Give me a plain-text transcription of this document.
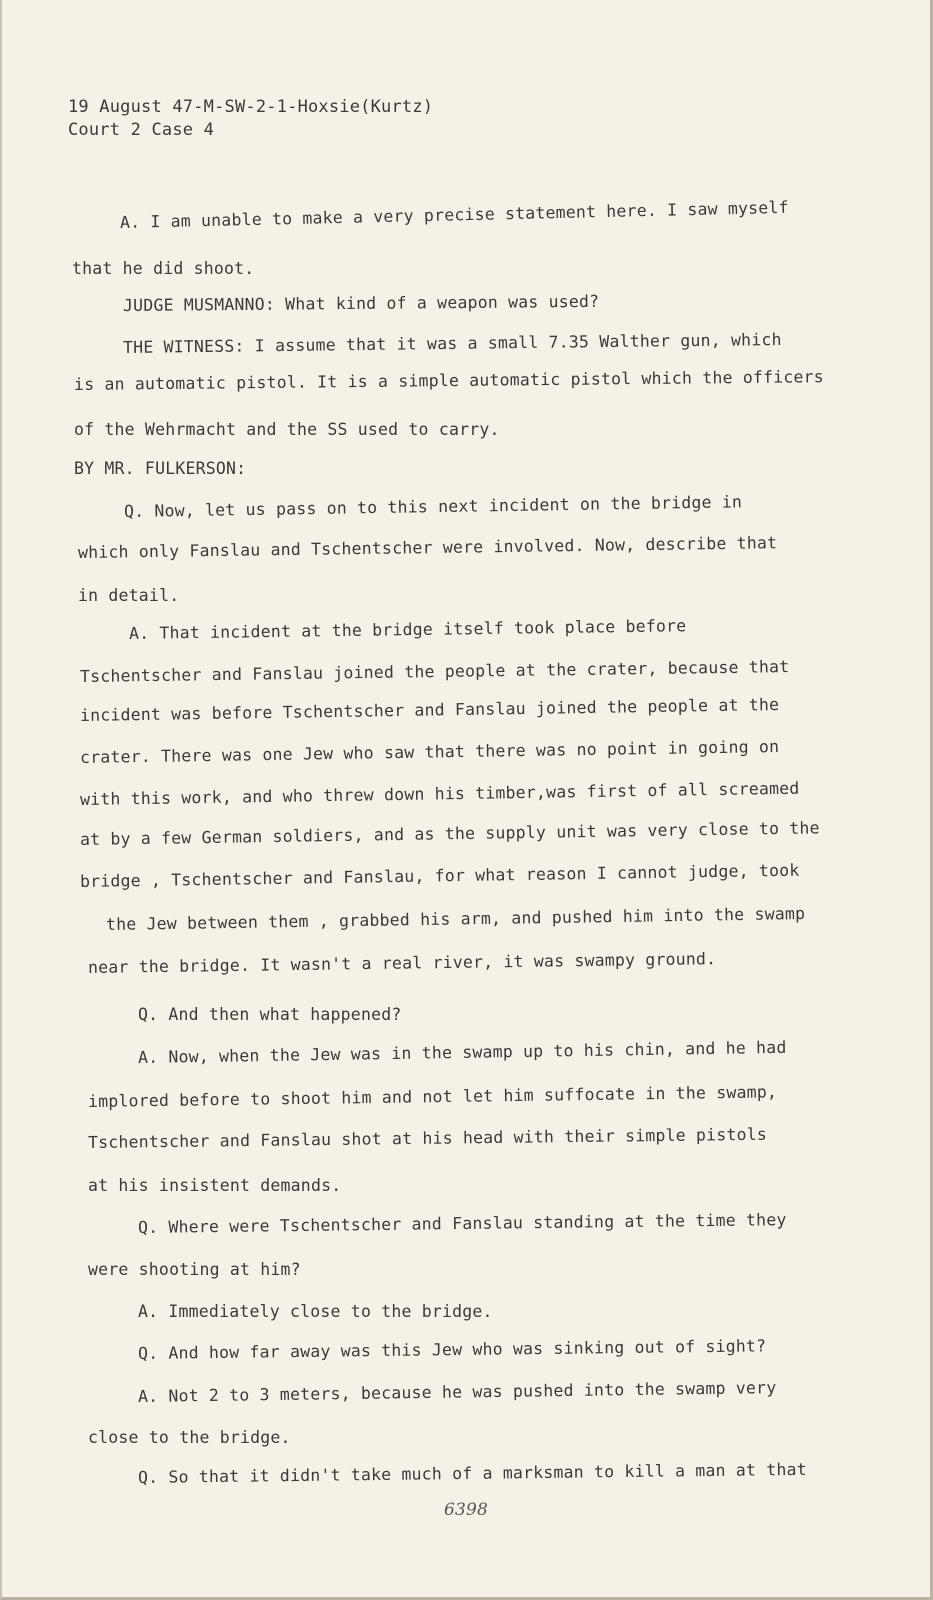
19 August 47-M-SW-2-1-Hoxsie(Kurtz)
Court 2 Case 4
A. I am unable to make a very precise statement here. I saw myself
that he did shoot.
JUDGE MUSMANNO: What kind of a weapon was used?
THE WITNESS: I assume that it was a small 7.35 Walther gun, which
is an automatic pistol. It is a simple automatic pistol which the officers
of the Wehrmacht and the SS used to carry.
BY MR. FULKERSON:
Q. Now, let us pass on to this next incident on the bridge in
which only Fanslau and Tschentscher were involved. Now, describe that
in detail.
A. That incident at the bridge itself took place before
Tschentscher and Fanslau joined the people at the crater, because that
incident was before Tschentscher and Fanslau joined the people at the
crater. There was one Jew who saw that there was no point in going on
with this work, and who threw down his timber,was first of all screamed
at by a few German soldiers, and as the supply unit was very close to the
bridge , Tschentscher and Fanslau, for what reason I cannot judge, took
the Jew between them , grabbed his arm, and pushed him into the swamp
near the bridge. It wasn't a real river, it was swampy ground.
Q. And then what happened?
A. Now, when the Jew was in the swamp up to his chin, and he had
implored before to shoot him and not let him suffocate in the swamp,
Tschentscher and Fanslau shot at his head with their simple pistols
at his insistent demands.
Q. Where were Tschentscher and Fanslau standing at the time they
were shooting at him?
A. Immediately close to the bridge.
Q. And how far away was this Jew who was sinking out of sight?
A. Not 2 to 3 meters, because he was pushed into the swamp very
close to the bridge.
Q. So that it didn't take much of a marksman to kill a man at that
6398
